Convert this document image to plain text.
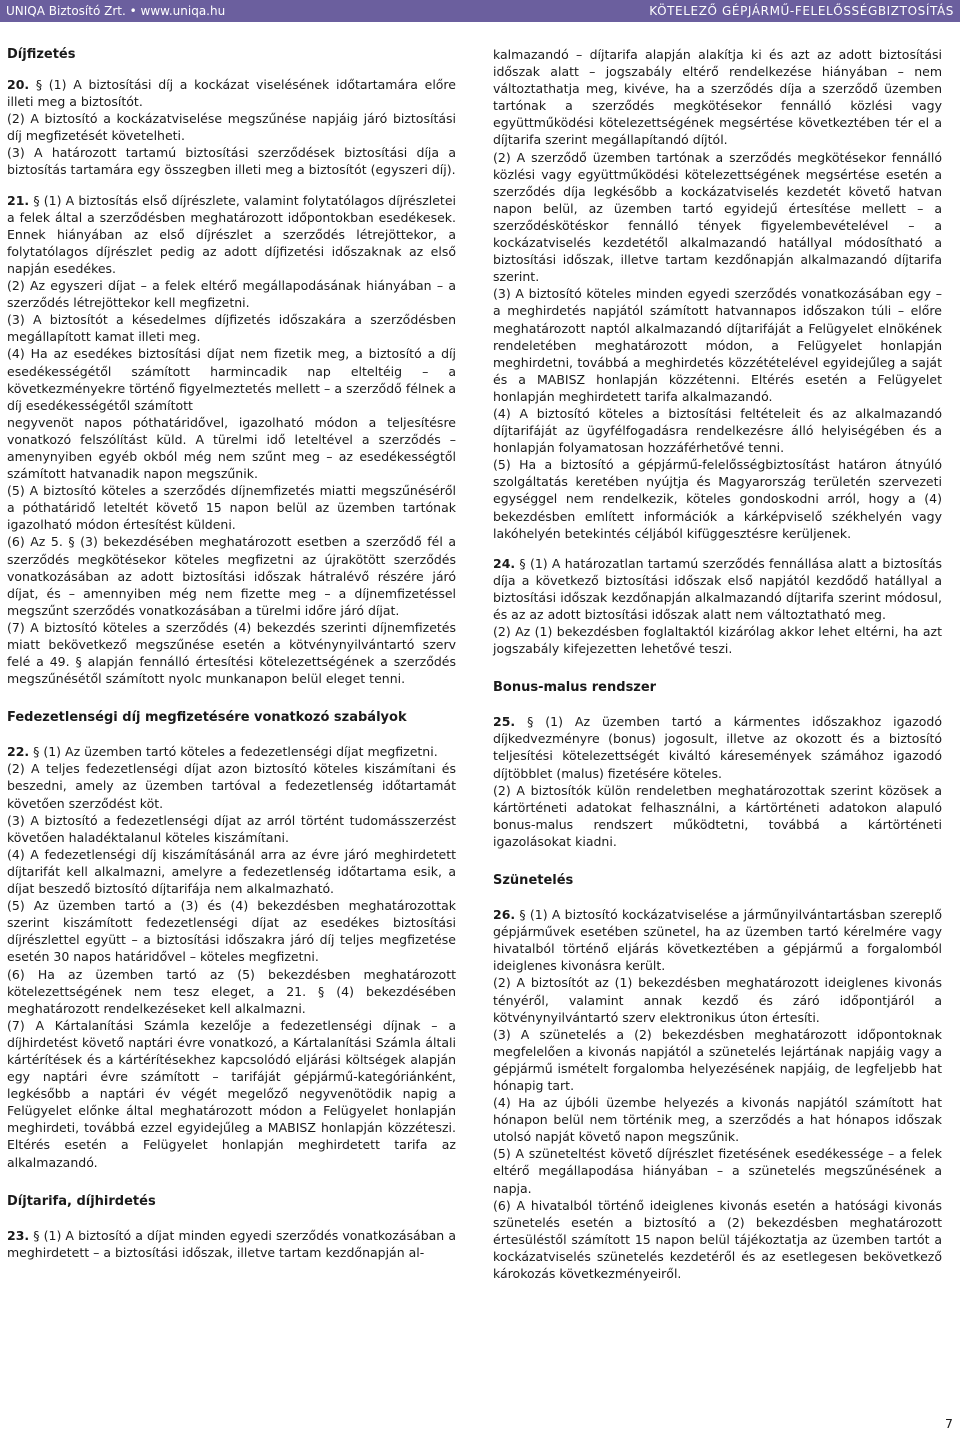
UNIQA Biztosító Zrt. • www.uniqa.hu	KÖTELEZŐ GÉPJÁRMŰ-FELELŐSSÉGBIZTOSÍTÁS
Díjfizetés

20. § (1) A biztosítási díj a kockázat viselésének időtartamára előre illeti meg a biztosítót.

(2) A biztosító a kockázatviselése megszűnése napjáig járó biztosítási díj megfizetését követelheti.

(3) A határozott tartamú biztosítási szerződések biztosítási díja a biztosítás tartamára egy összegben illeti meg a biztosítót (egyszeri díj).

21. § (1) A biztosítás első díjrészlete, valamint folytatólagos díjrészletei a felek által a szerződésben meghatározott időpontokban esedékesek. Ennek hiányában az első díjrészlet a szerződés létrejöttekor, a folytatólagos díjrészlet pedig az adott díjfizetési időszaknak az első napján esedékes.

(2) Az egyszeri díjat – a felek eltérő megállapodásának hiányában – a szerződés létrejöttekor kell megfizetni.

(3) A biztosítót a késedelmes díjfizetés időszakára a szerződésben megállapított kamat illeti meg.

(4) Ha az esedékes biztosítási díjat nem fizetik meg, a biztosító a díj esedékességétől számított harmincadik nap elteltéig – a következményekre történő figyelmeztetés mellett – a szerződő félnek a díj esedékességétől számított

negyvenöt napos póthatáridővel, igazolható módon a teljesítésre vonatkozó felszólítást küld. A türelmi idő leteltével a szerződés – amenynyiben egyéb okból még nem szűnt meg – az esedékességtől számított hatvanadik napon megszűnik.

(5) A biztosító köteles a szerződés díjnemfizetés miatti megszűnéséről a póthatáridő leteltét követő 15 napon belül az üzemben tartónak igazolható módon értesítést küldeni.

(6) Az 5. § (3) bekezdésében meghatározott esetben a szerződő fél a szerződés megkötésekor köteles megfizetni az újrakötött szerződés vonatkozásában az adott biztosítási időszak hátralévő részére járó díjat, és – amennyiben még nem fizette meg – a díjnemfizetéssel megszűnt szerződés vonatkozásában a türelmi időre járó díjat.

(7) A biztosító köteles a szerződés (4) bekezdés szerinti díjnemfizetés miatt bekövetkező megszűnése esetén a kötvénynyilvántartó szerv felé a 49. § alapján fennálló értesítési kötelezettségének a szerződés megszűnésétől számított nyolc munkanapon belül eleget tenni.

Fedezetlenségi díj megfizetésére vonatkozó szabályok

22. § (1) Az üzemben tartó köteles a fedezetlenségi díjat megfizetni.

(2) A teljes fedezetlenségi díjat azon biztosító köteles kiszámítani és beszedni, amely az üzemben tartóval a fedezetlenség időtartamát követően szerződést köt.

(3) A biztosító a fedezetlenségi díjat az arról történt tudomásszerzést követően haladéktalanul köteles kiszámítani.

(4) A fedezetlenségi díj kiszámításánál arra az évre járó meghirdetett díjtarifát kell alkalmazni, amelyre a fedezetlenség időtartama esik, a díjat beszedő biztosító díjtarifája nem alkalmazható.

(5) Az üzemben tartó a (3) és (4) bekezdésben meghatározottak szerint kiszámított fedezetlenségi díjat az esedékes biztosítási díjrészlettel együtt – a biztosítási időszakra járó díj teljes megfizetése esetén 30 napos határidővel – köteles megfizetni.

(6) Ha az üzemben tartó az (5) bekezdésben meghatározott kötelezettségének nem tesz eleget, a 21. § (4) bekezdésében meghatározott rendelkezéseket kell alkalmazni.

(7) A Kártalanítási Számla kezelője a fedezetlenségi díjnak – a díjhirdetést követő naptári évre vonatkozó, a Kártalanítási Számla általi kártérítések és a kártérítésekhez kapcsolódó eljárási költségek alapján egy naptári évre számított – tarifáját gépjármű-kategóriánként, legkésőbb a naptári év végét megelőző negyvenötödik napig a Felügyelet előnke által meghatározott módon a Felügyelet honlapján meghirdeti, továbbá ezzel egyidejűleg a MABISZ honlapján közzéteszi. Eltérés esetén a Felügyelet honlapján meghirdetett tarifa az alkalmazandó.

Díjtarifa, díjhirdetés

23. § (1) A biztosító a díjat minden egyedi szerződés vonatkozásában a meghirdetett – a biztosítási időszak, illetve tartam kezdőnapján al-

kalmazandó – díjtarifa alapján alakítja ki és azt az adott biztosítási időszak alatt – jogszabály eltérő rendelkezése hiányában – nem változtathatja meg, kivéve, ha a szerződés díja a szerződő üzemben tartónak a szerződés megkötésekor fennálló közlési vagy együttműködési kötelezettségének megsértése következtében tér el a díjtarifa szerint megállapítandó díjtól.

(2) A szerződő üzemben tartónak a szerződés megkötésekor fennálló közlési vagy együttműködési kötelezettségének megsértése esetén a szerződés díja legkésőbb a kockázatviselés kezdetét követő hatvan napon belül, az üzemben tartó egyidejű értesítése mellett – a szerződéskötéskor fennálló tények figyelembevételével – a kockázatviselés kezdetétől alkalmazandó hatállyal módosítható a biztosítási időszak, illetve tartam kezdőnapján alkalmazandó díjtarifa szerint.

(3) A biztosító köteles minden egyedi szerződés vonatkozásában egy – a meghirdetés napjától számított hatvannapos időszakon túli – előre meghatározott naptól alkalmazandó díjtarifáját a Felügyelet elnökének rendeletében meghatározott módon, a Felügyelet honlapján meghirdetni, továbbá a meghirdetés közzétételével egyidejűleg a saját és a MABISZ honlapján közzétenni. Eltérés esetén a Felügyelet honlapján meghirdetett tarifa alkalmazandó.

(4) A biztosító köteles a biztosítási feltételeit és az alkalmazandó díjtarifáját az ügyfélfogadásra rendelkezésre álló helyiségében és a honlapján folyamatosan hozzáférhetővé tenni.

(5) Ha a biztosító a gépjármű-felelősségbiztosítást határon átnyúló szolgáltatás keretében nyújtja és Magyarország területén szervezeti egységgel nem rendelkezik, köteles gondoskodni arról, hogy a (4) bekezdésben említett információk a kárképviselő székhelyén vagy lakóhelyén betekintés céljából kifüggesztésre kerüljenek.

24. § (1) A határozatlan tartamú szerződés fennállása alatt a biztosítás díja a következő biztosítási időszak első napjától kezdődő hatállyal a biztosítási időszak kezdőnapján alkalmazandó díjtarifa szerint módosul, és az az adott biztosítási időszak alatt nem változtatható meg.

(2) Az (1) bekezdésben foglaltaktól kizárólag akkor lehet eltérni, ha azt jogszabály kifejezetten lehetővé teszi.

Bonus-malus rendszer

25. § (1) Az üzemben tartó a kármentes időszakhoz igazodó díjkedvezményre (bonus) jogosult, illetve az okozott és a biztosító teljesítési kötelezettségét kiváltó káresemények számához igazodó díjtöbblet (malus) fizetésére köteles.

(2) A biztosítók külön rendeletben meghatározottak szerint közösek a kártörténeti adatokat felhasználni, a kártörténeti adatokon alapuló bonus-malus rendszert működtetni, továbbá a kártörténeti igazolásokat kiadni.

Szünetelés

26. § (1) A biztosító kockázatviselése a járműnyilvántartásban szereplő gépjárművek esetében szünetel, ha az üzemben tartó kérelmére vagy hivatalból történő eljárás következtében a gépjármű a forgalomból ideiglenes kivonásra került.

(2) A biztosítót az (1) bekezdésben meghatározott ideiglenes kivonás tényéről, valamint annak kezdő és záró időpontjáról a kötvénynyilvántartó szerv elektronikus úton értesíti.

(3) A szünetelés a (2) bekezdésben meghatározott időpontoknak megfelelően a kivonás napjától a szünetelés lejártának napjáig vagy a gépjármű ismételt forgalomba helyezésének napjáig, de legfeljebb hat hónapig tart.

(4) Ha az újbóli üzembe helyezés a kivonás napjától számított hat hónapon belül nem történik meg, a szerződés a hat hónapos időszak utolsó napját követő napon megszűnik.

(5) A szüneteltést követő díjrészlet fizetésének esedékessége – a felek eltérő megállapodása hiányában – a szünetelés megszűnésének a napja.

(6) A hivatalból történő ideiglenes kivonás esetén a hatósági kivonás szünetelés esetén a biztosító a (2) bekezdésben meghatározott értesüléstől számított 15 napon belül tájékoztatja az üzemben tartót a kockázatviselés szünetelés kezdetéről és az esetlegesen bekövetkező károkozás következményeiről.

7
